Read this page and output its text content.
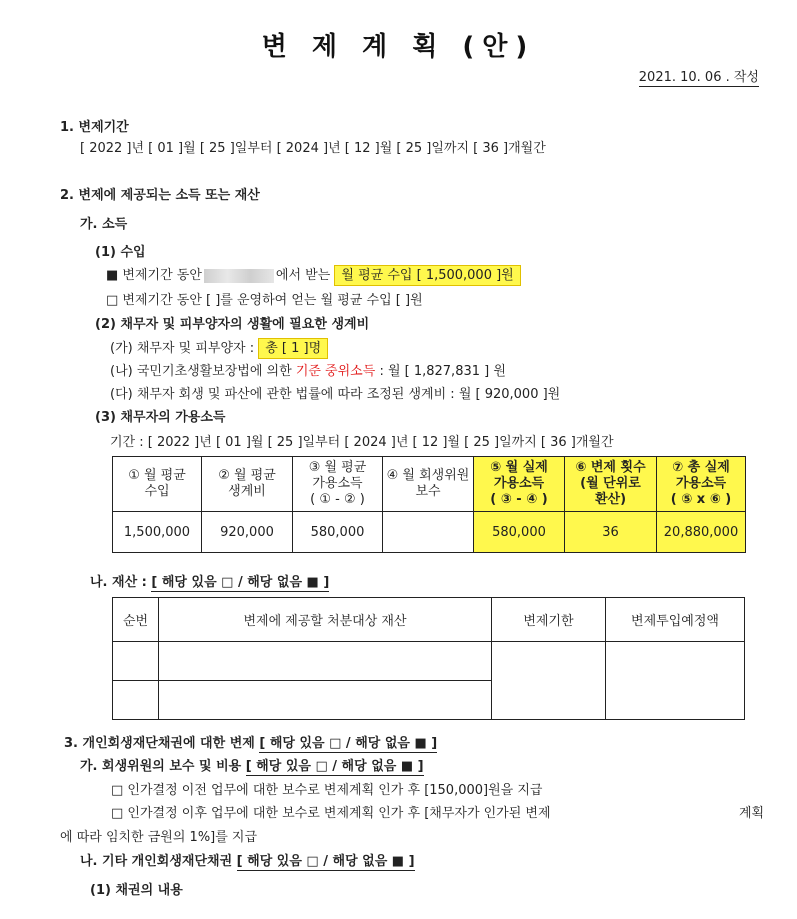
변 제 계 획 (안)
2021. 10. 06 . 작성
1. 변제기간
[ 2022 ]년 [ 01 ]월 [ 25 ]일부터 [ 2024 ]년 [ 12 ]월 [ 25 ]일까지 [ 36 ]개월간
2. 변제에 제공되는 소득 또는 재산
가. 소득
(1) 수입
■ 변제기간 동안	에서 받는 월 평균 수입 [ 1,500,000 ]원
□ 변제기간 동안 [ ]를 운영하여 얻는 월 평균 수입 [ ]원
(2) 채무자 및 피부양자의 생활에 필요한 생계비
(가) 채무자 및 피부양자 : 총 [ 1 ]명
(나) 국민기초생활보장법에 의한 기준 중위소득 : 월 [ 1,827,831 ] 원
(다) 채무자 회생 및 파산에 관한 법률에 따라 조정된 생계비 : 월 [ 920,000 ]원
(3) 채무자의 가용소득
기간 : [ 2022 ]년 [ 01 ]월 [ 25 ]일부터 [ 2024 ]년 [ 12 ]월 [ 25 ]일까지 [ 36 ]개월간
① 월 평균
수입	② 월 평균
생계비	③ 월 평균
가용소득
( ① - ② )	④ 월 회생위원
보수	⑤ 월 실제
가용소득
( ③ - ④ )	⑥ 변제 횟수
(월 단위로
환산)	⑦ 총 실제
가용소득
( ⑤ x ⑥ )
1,500,000	920,000	580,000		580,000	36	20,880,000
나. 재산 : [ 해당 있음 □ / 해당 없음 ■ ]
순번	변제에 제공할 처분대상 재산	변제기한	변제투입예정액

3. 개인회생재단채권에 대한 변제 [ 해당 있음 □ / 해당 없음 ■ ]
가. 회생위원의 보수 및 비용 [ 해당 있음 □ / 해당 없음 ■ ]
□ 인가결정 이전 업무에 대한 보수로 변제계획 인가 후 [150,000]원을 지급
□ 인가결정 이후 업무에 대한 보수로 변제계획 인가 후 [채무자가 인가된 변제	계획
에 따라 임치한 금원의 1%]를 지급
나. 기타 개인회생재단채권 [ 해당 있음 □ / 해당 없음 ■ ]
(1) 채권의 내용
